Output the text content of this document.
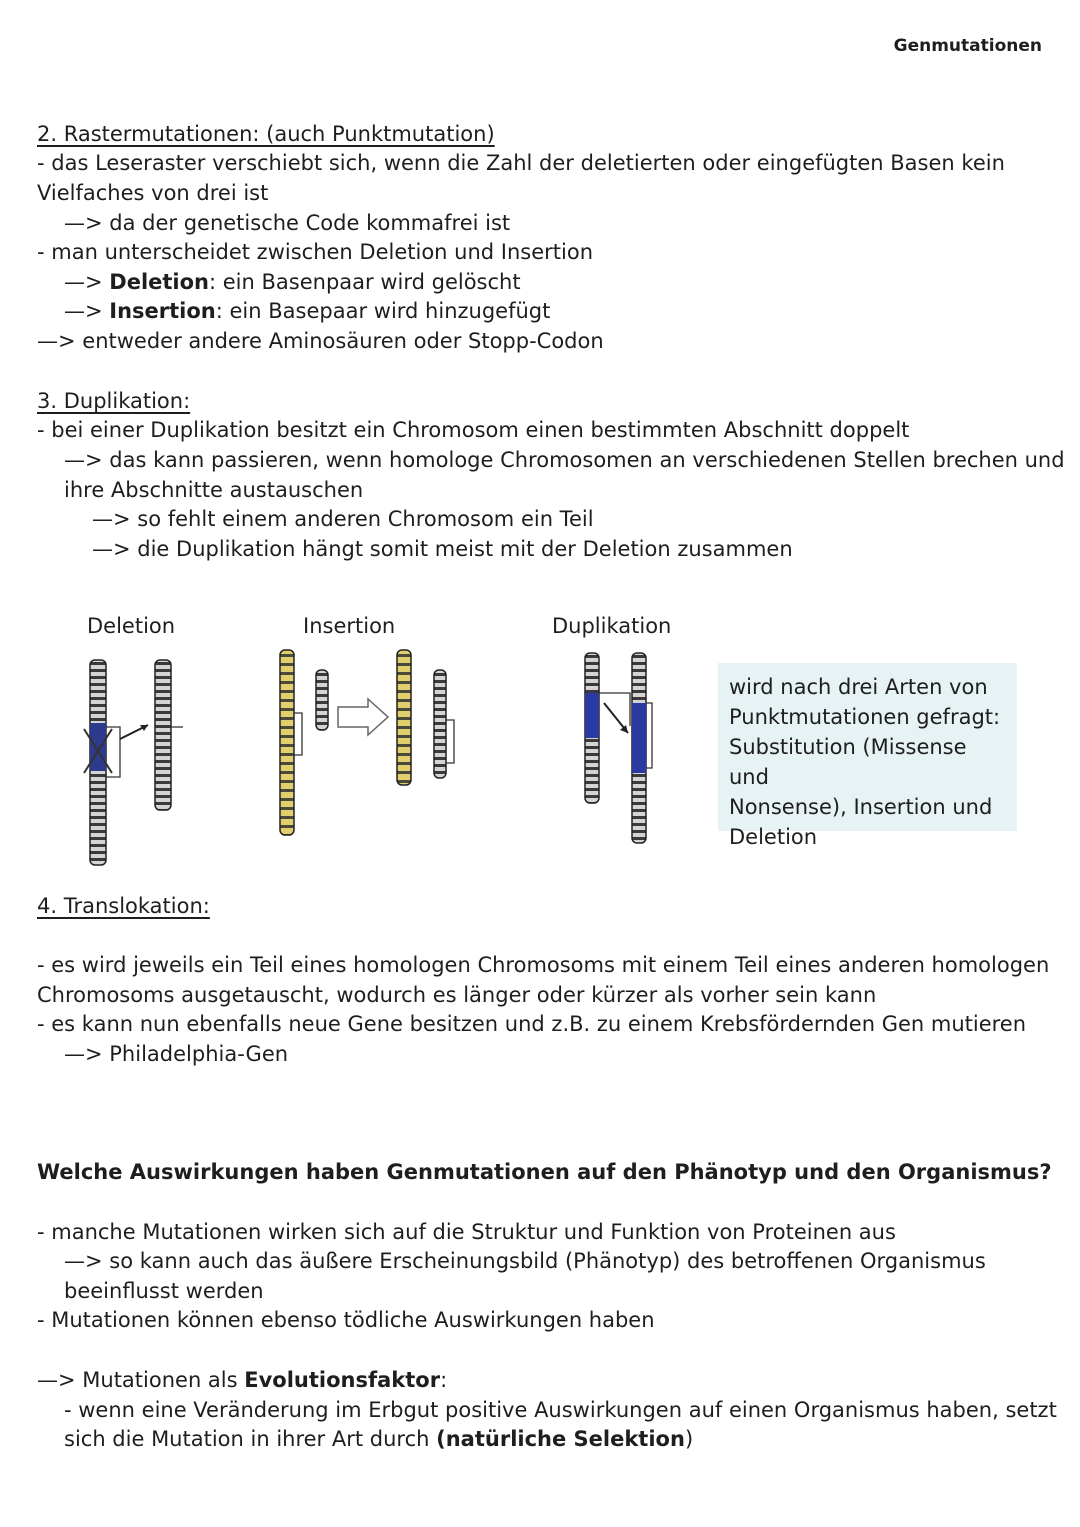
Genmutationen
2. Rastermutationen: (auch Punktmutation)
- das Leseraster verschiebt sich, wenn die Zahl der deletierten oder eingefügten Basen kein
Vielfaches von drei ist
—> da der genetische Code kommafrei ist
- man unterscheidet zwischen Deletion und Insertion
—> Deletion: ein Basenpaar wird gelöscht
—> Insertion: ein Basepaar wird hinzugefügt
—> entweder andere Aminosäuren oder Stopp-Codon
3. Duplikation:
- bei einer Duplikation besitzt ein Chromosom einen bestimmten Abschnitt doppelt
—> das kann passieren, wenn homologe Chromosomen an verschiedenen Stellen brechen und
ihre Abschnitte austauschen
—> so fehlt einem anderen Chromosom ein Teil
—> die Duplikation hängt somit meist mit der Deletion zusammen
Deletion	Insertion	Duplikation
wird nach drei Arten von
Punktmutationen gefragt:
Substitution (Missense und
Nonsense), Insertion und
Deletion
4. Translokation:
- es wird jeweils ein Teil eines homologen Chromosoms mit einem Teil eines anderen homologen
Chromosoms ausgetauscht, wodurch es länger oder kürzer als vorher sein kann
- es kann nun ebenfalls neue Gene besitzen und z.B. zu einem Krebsfördernden Gen mutieren
—> Philadelphia-Gen
Welche Auswirkungen haben Genmutationen auf den Phänotyp und den Organismus?
- manche Mutationen wirken sich auf die Struktur und Funktion von Proteinen aus
—> so kann auch das äußere Erscheinungsbild (Phänotyp) des betroffenen Organismus
beeinflusst werden
- Mutationen können ebenso tödliche Auswirkungen haben
—> Mutationen als Evolutionsfaktor:
- wenn eine Veränderung im Erbgut positive Auswirkungen auf einen Organismus haben, setzt
sich die Mutation in ihrer Art durch (natürliche Selektion)
